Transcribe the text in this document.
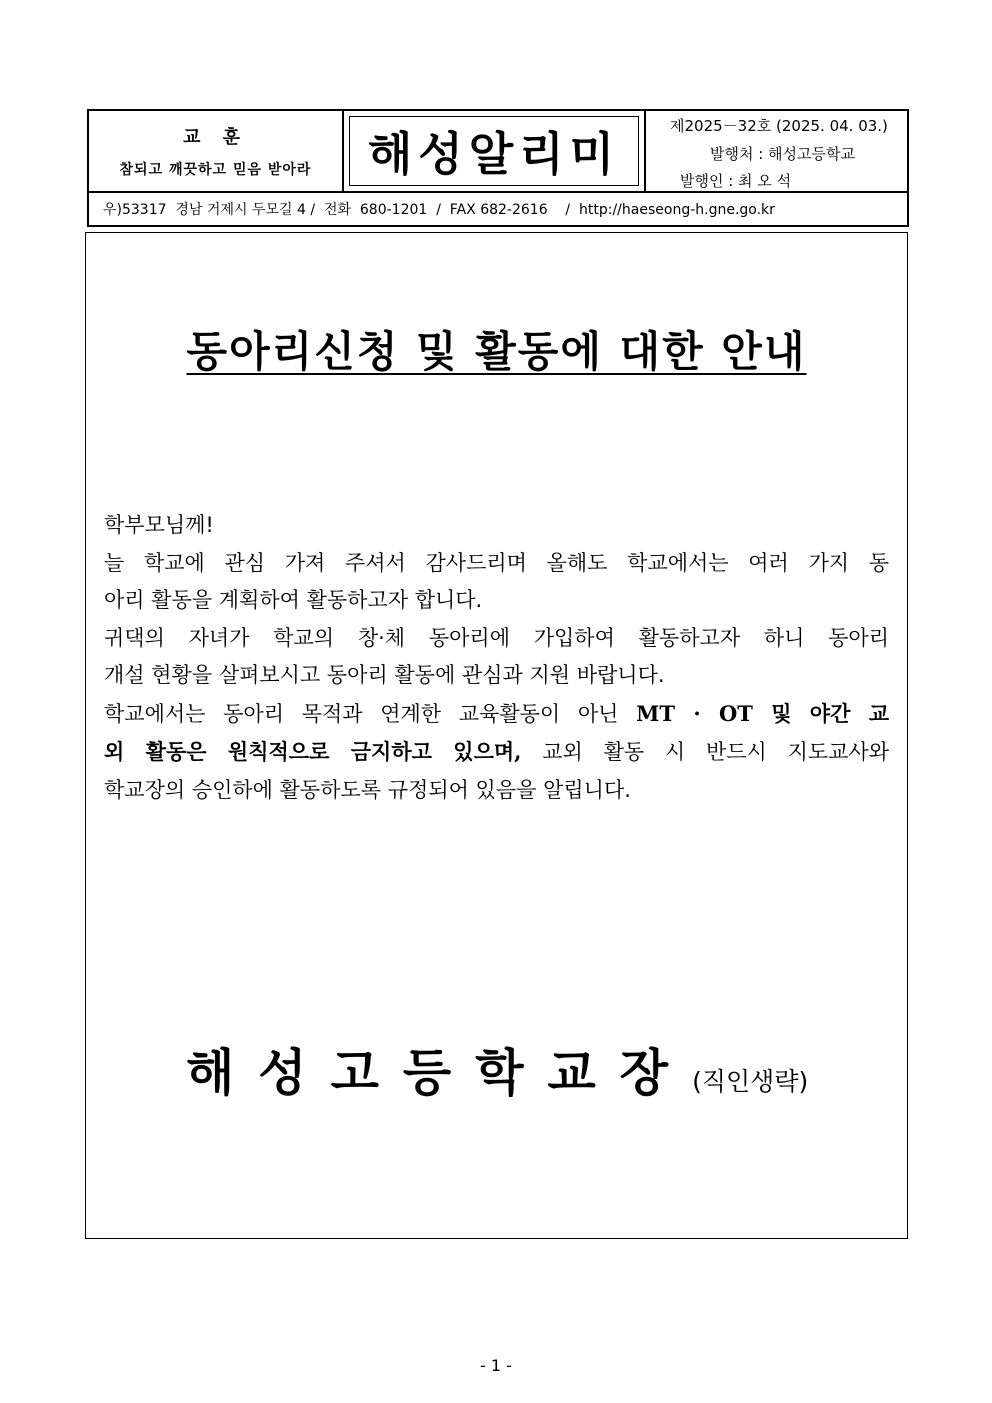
교 훈
참되고 깨끗하고 믿음 받아라 해성알리미
제2025－32호 (2025. 04. 03.)
발행처 : 해성고등학교
발행인 : 최 오 석
우)53317  경남 거제시 두모길 4 /  전화  680-1201  /  FAX 682-2616    /  http://haeseong-h.gne.go.kr
동아리신청 및 활동에 대한 안내

학부모님께!

늘 학교에 관심 가져 주셔서 감사드리며 올해도 학교에서는 여러 가지 동

아리 활동을 계획하여 활동하고자 합니다.

귀댁의 자녀가 학교의 창·체 동아리에 가입하여 활동하고자 하니 동아리

개설 현황을 살펴보시고 동아리 활동에 관심과 지원 바랍니다.

학교에서는 동아리 목적과 연계한 교육활동이 아닌 MT · OT 및 야간 교

외 활동은 원칙적으로 금지하고 있으며, 교외 활동 시 반드시 지도교사와

학교장의 승인하에 활동하도록 규정되어 있음을 알립니다.

해성고등학교장(직인생략)
- 1 -
